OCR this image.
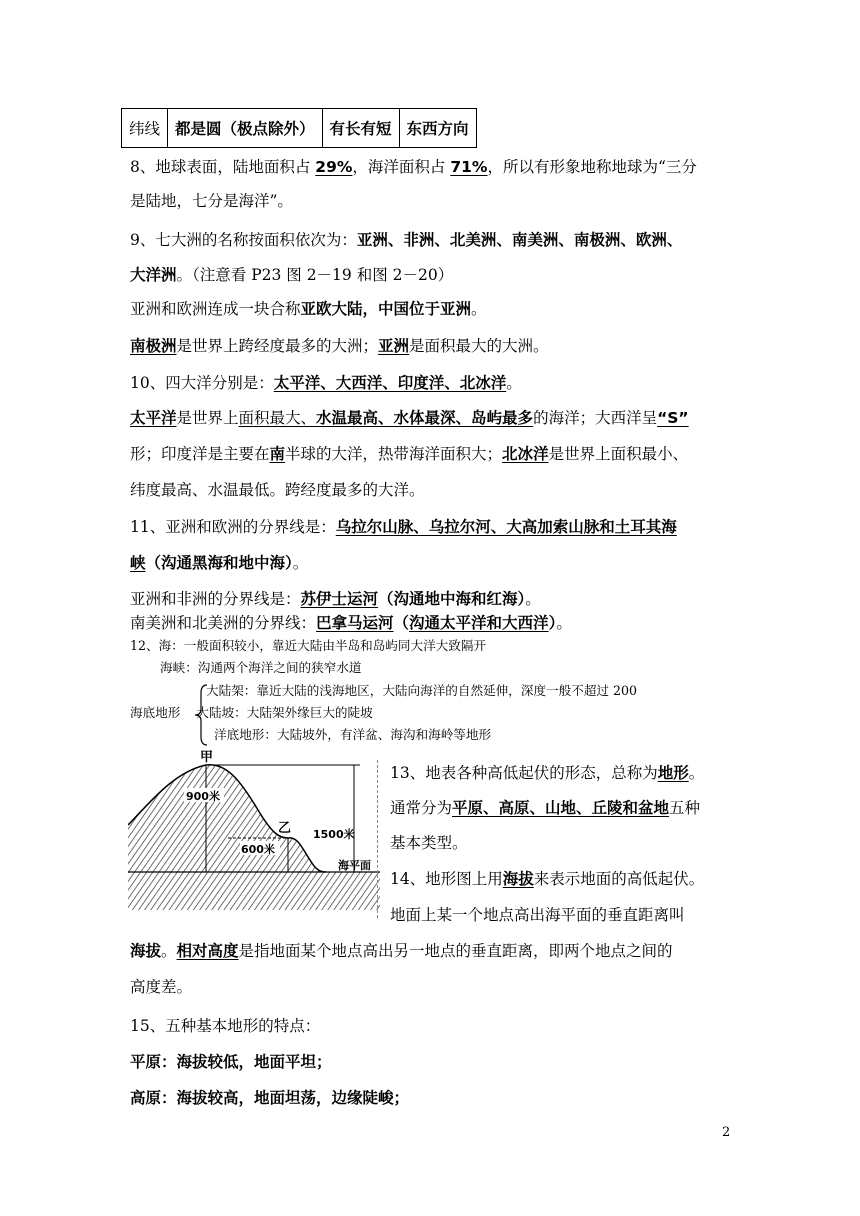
纬线	都是圆（极点除外）	有长有短	东西方向
8、地球表面，陆地面积占 29%，海洋面积占 71%，所以有形象地称地球为“三分
是陆地，七分是海洋”。
9、七大洲的名称按面积依次为：亚洲、非洲、北美洲、南美洲、南极洲、欧洲、
大洋洲。（注意看 P23 图 2－19 和图 2－20）
亚洲和欧洲连成一块合称亚欧大陆，中国位于亚洲。
南极洲是世界上跨经度最多的大洲；亚洲是面积最大的大洲。
10、四大洋分别是：太平洋、大西洋、印度洋、北冰洋。
太平洋是世界上面积最大、水温最高、水体最深、岛屿最多的海洋；大西洋呈“S”
形；印度洋是主要在南半球的大洋，热带海洋面积大；北冰洋是世界上面积最小、
纬度最高、水温最低。跨经度最多的大洋。
11、亚洲和欧洲的分界线是：乌拉尔山脉、乌拉尔河、大高加索山脉和土耳其海
峡（沟通黑海和地中海）。
亚洲和非洲的分界线是：苏伊士运河（沟通地中海和红海）。
南美洲和北美洲的分界线：巴拿马运河（沟通太平洋和大西洋）。
12、海：一般面积较小，靠近大陆由半岛和岛屿同大洋大致隔开
海峡：沟通两个海洋之间的狭窄水道
大陆架：靠近大陆的浅海地区，大陆向海洋的自然延伸，深度一般不超过 200
海底地形 大陆坡：大陆架外缘巨大的陡坡
洋底地形：大陆坡外，有洋盆、海沟和海岭等地形
甲
乙
900米
1500米
600米
海平面
13、地表各种高低起伏的形态，总称为地形。
通常分为平原、高原、山地、丘陵和盆地五种
基本类型。
14、地形图上用海拔来表示地面的高低起伏。
地面上某一个地点高出海平面的垂直距离叫
海拔。相对高度是指地面某个地点高出另一地点的垂直距离，即两个地点之间的
高度差。
15、五种基本地形的特点：
平原：海拔较低，地面平坦；
高原：海拔较高，地面坦荡，边缘陡峻；
2
